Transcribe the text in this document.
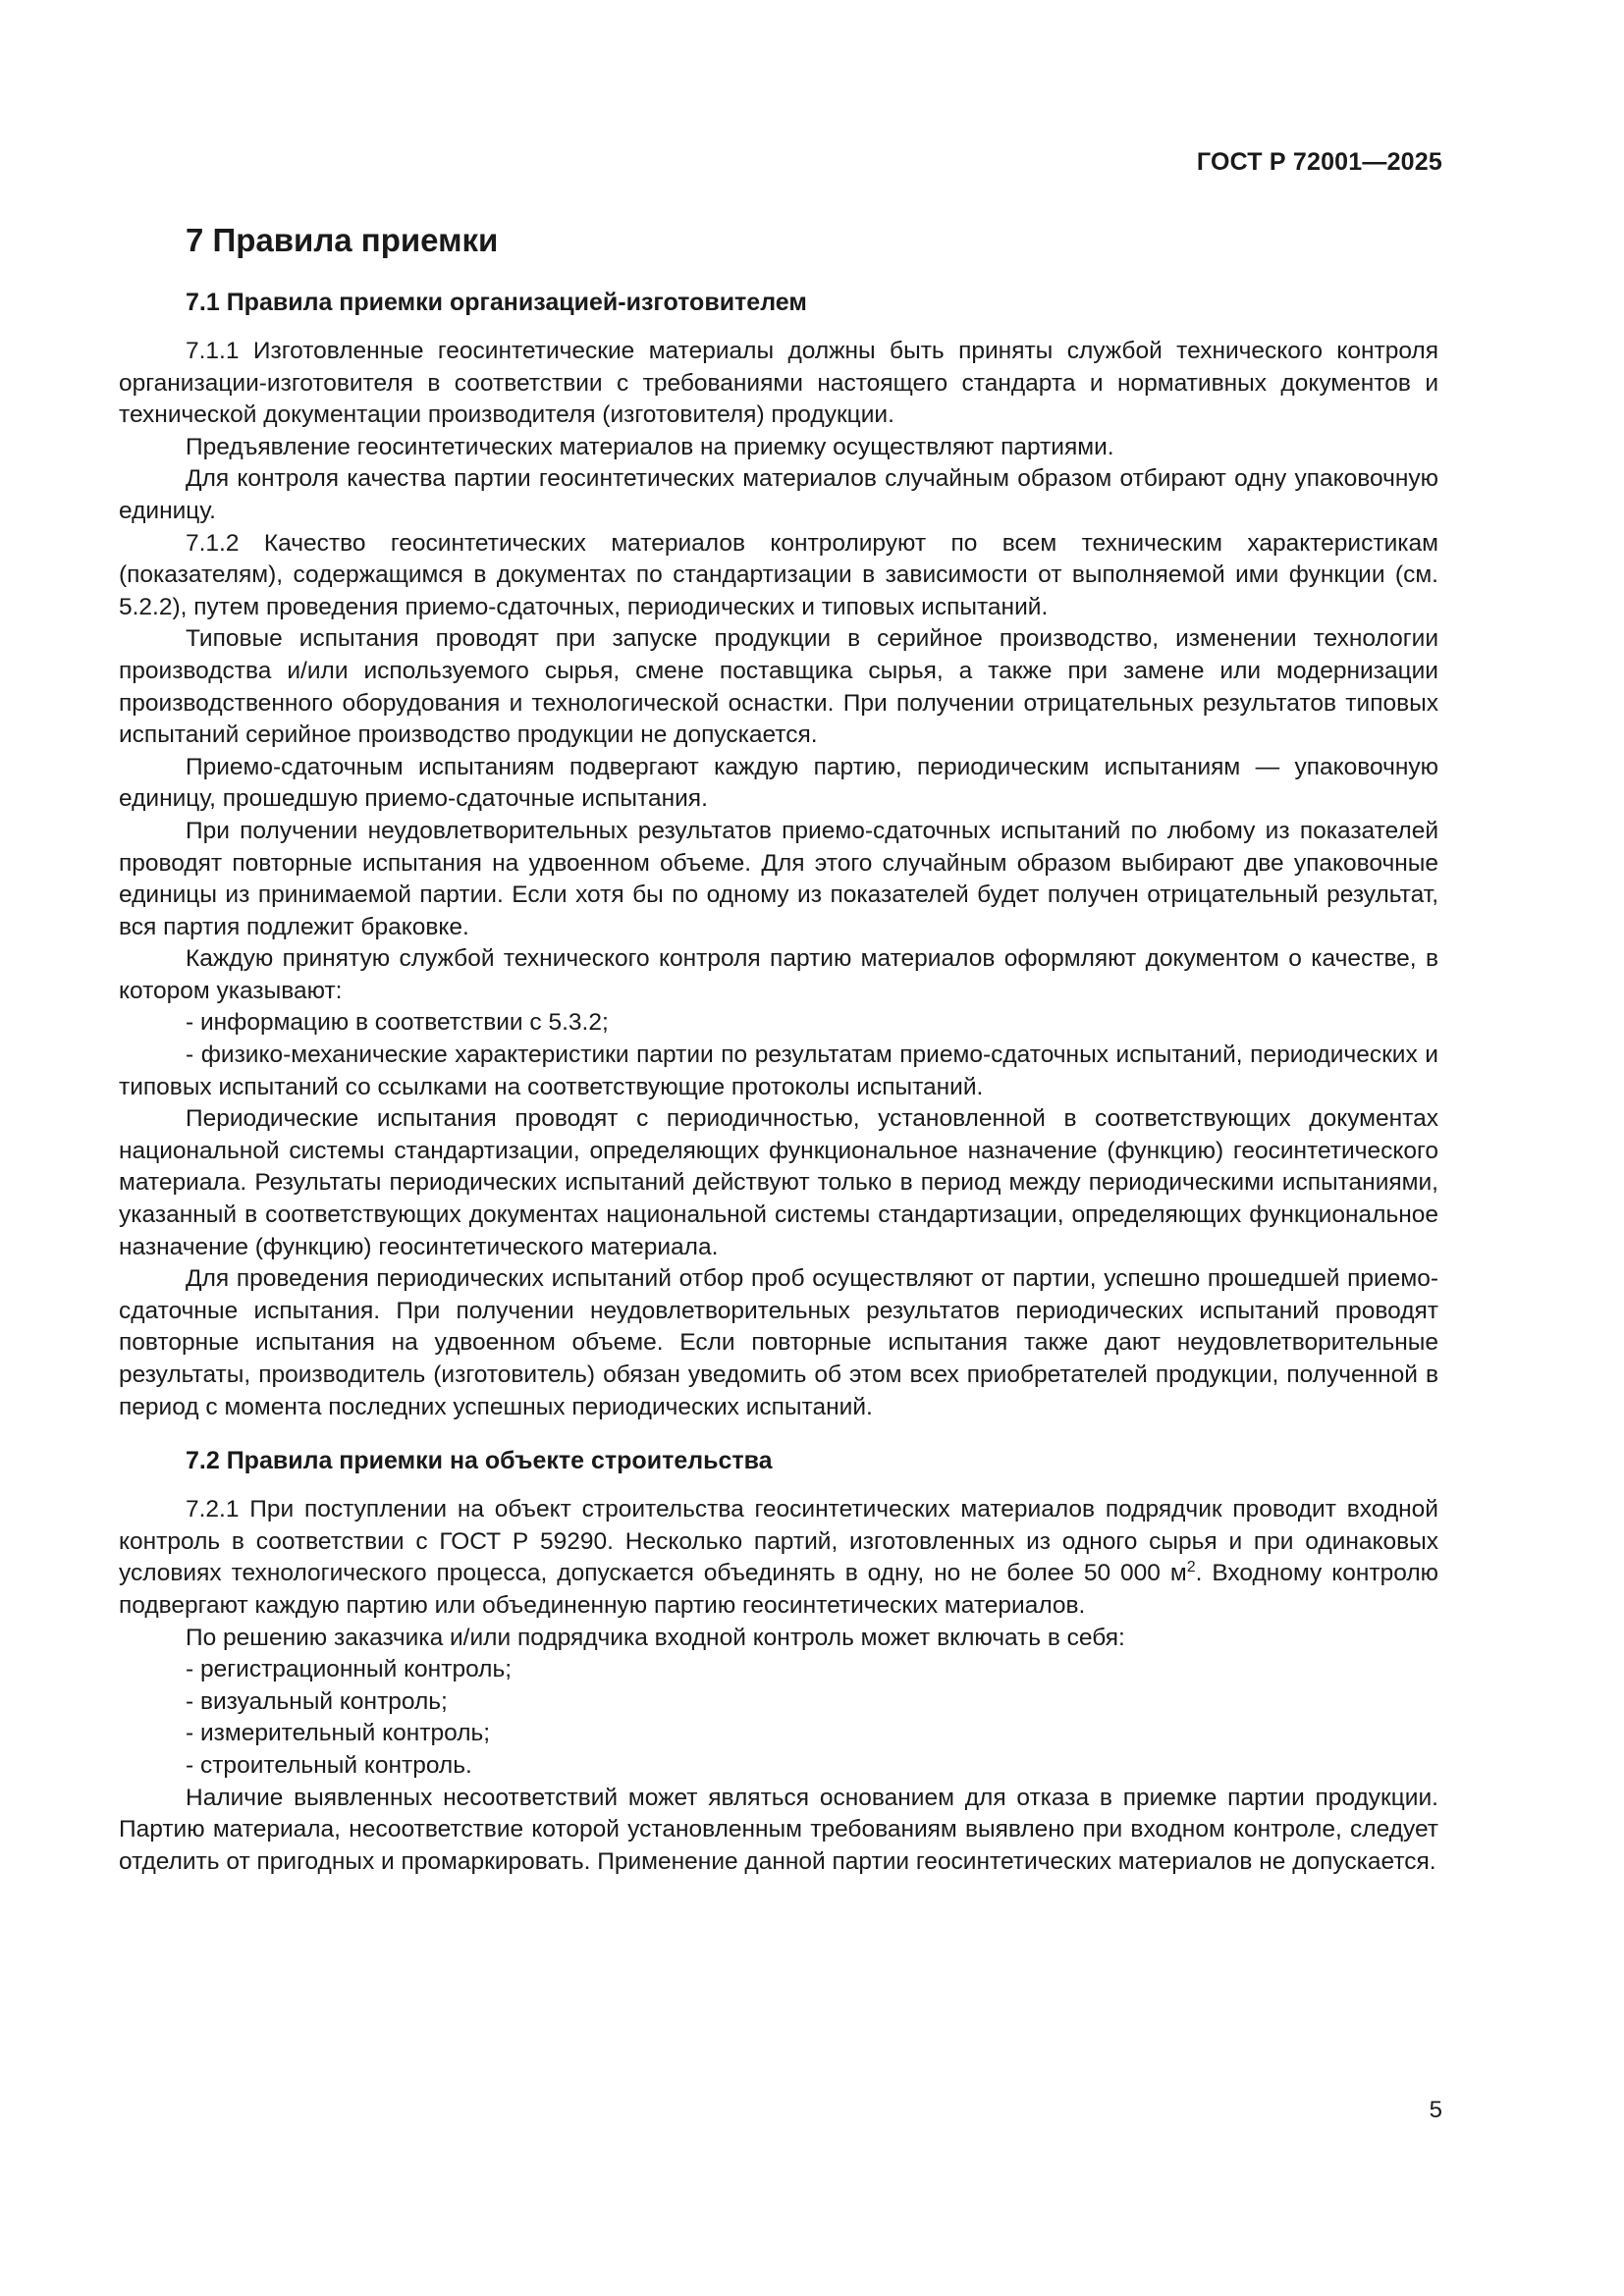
ГОСТ Р 72001—2025
7 Правила приемки
7.1 Правила приемки организацией-изготовителем

7.1.1 Изготовленные геосинтетические материалы должны быть приняты службой технического контроля организации-изготовителя в соответствии с требованиями настоящего стандарта и нормативных документов и технической документации производителя (изготовителя) продукции.

Предъявление геосинтетических материалов на приемку осуществляют партиями.

Для контроля качества партии геосинтетических материалов случайным образом отбирают одну упаковочную единицу.

7.1.2 Качество геосинтетических материалов контролируют по всем техническим характеристикам (показателям), содержащимся в документах по стандартизации в зависимости от выполняемой ими функции (см. 5.2.2), путем проведения приемо-сдаточных, периодических и типовых испытаний.

Типовые испытания проводят при запуске продукции в серийное производство, изменении технологии производства и/или используемого сырья, смене поставщика сырья, а также при замене или модернизации производственного оборудования и технологической оснастки. При получении отрицательных результатов типовых испытаний серийное производство продукции не допускается.

Приемо-сдаточным испытаниям подвергают каждую партию, периодическим испытаниям — упаковочную единицу, прошедшую приемо-сдаточные испытания.

При получении неудовлетворительных результатов приемо-сдаточных испытаний по любому из показателей проводят повторные испытания на удвоенном объеме. Для этого случайным образом выбирают две упаковочные единицы из принимаемой партии. Если хотя бы по одному из показателей будет получен отрицательный результат, вся партия подлежит браковке.

Каждую принятую службой технического контроля партию материалов оформляют документом о качестве, в котором указывают:

- информацию в соответствии с 5.3.2;

- физико-механические характеристики партии по результатам приемо-сдаточных испытаний, периодических и типовых испытаний со ссылками на соответствующие протоколы испытаний.

Периодические испытания проводят с периодичностью, установленной в соответствующих документах национальной системы стандартизации, определяющих функциональное назначение (функцию) геосинтетического материала. Результаты периодических испытаний действуют только в период между периодическими испытаниями, указанный в соответствующих документах национальной системы стандартизации, определяющих функциональное назначение (функцию) геосинтетического материала.

Для проведения периодических испытаний отбор проб осуществляют от партии, успешно прошедшей приемо-сдаточные испытания. При получении неудовлетворительных результатов периодических испытаний проводят повторные испытания на удвоенном объеме. Если повторные испытания также дают неудовлетворительные результаты, производитель (изготовитель) обязан уведомить об этом всех приобретателей продукции, полученной в период с момента последних успешных периодических испытаний.

7.2 Правила приемки на объекте строительства

7.2.1 При поступлении на объект строительства геосинтетических материалов подрядчик проводит входной контроль в соответствии с ГОСТ Р 59290. Несколько партий, изготовленных из одного сырья и при одинаковых условиях технологического процесса, допускается объединять в одну, но не более 50 000 $м^2$. Входному контролю подвергают каждую партию или объединенную партию геосинтетических материалов.

По решению заказчика и/или подрядчика входной контроль может включать в себя:

- регистрационный контроль;

- визуальный контроль;

- измерительный контроль;

- строительный контроль.

Наличие выявленных несоответствий может являться основанием для отказа в приемке партии продукции. Партию материала, несоответствие которой установленным требованиям выявлено при входном контроле, следует отделить от пригодных и промаркировать. Применение данной партии геосинтетических материалов не допускается.

5
